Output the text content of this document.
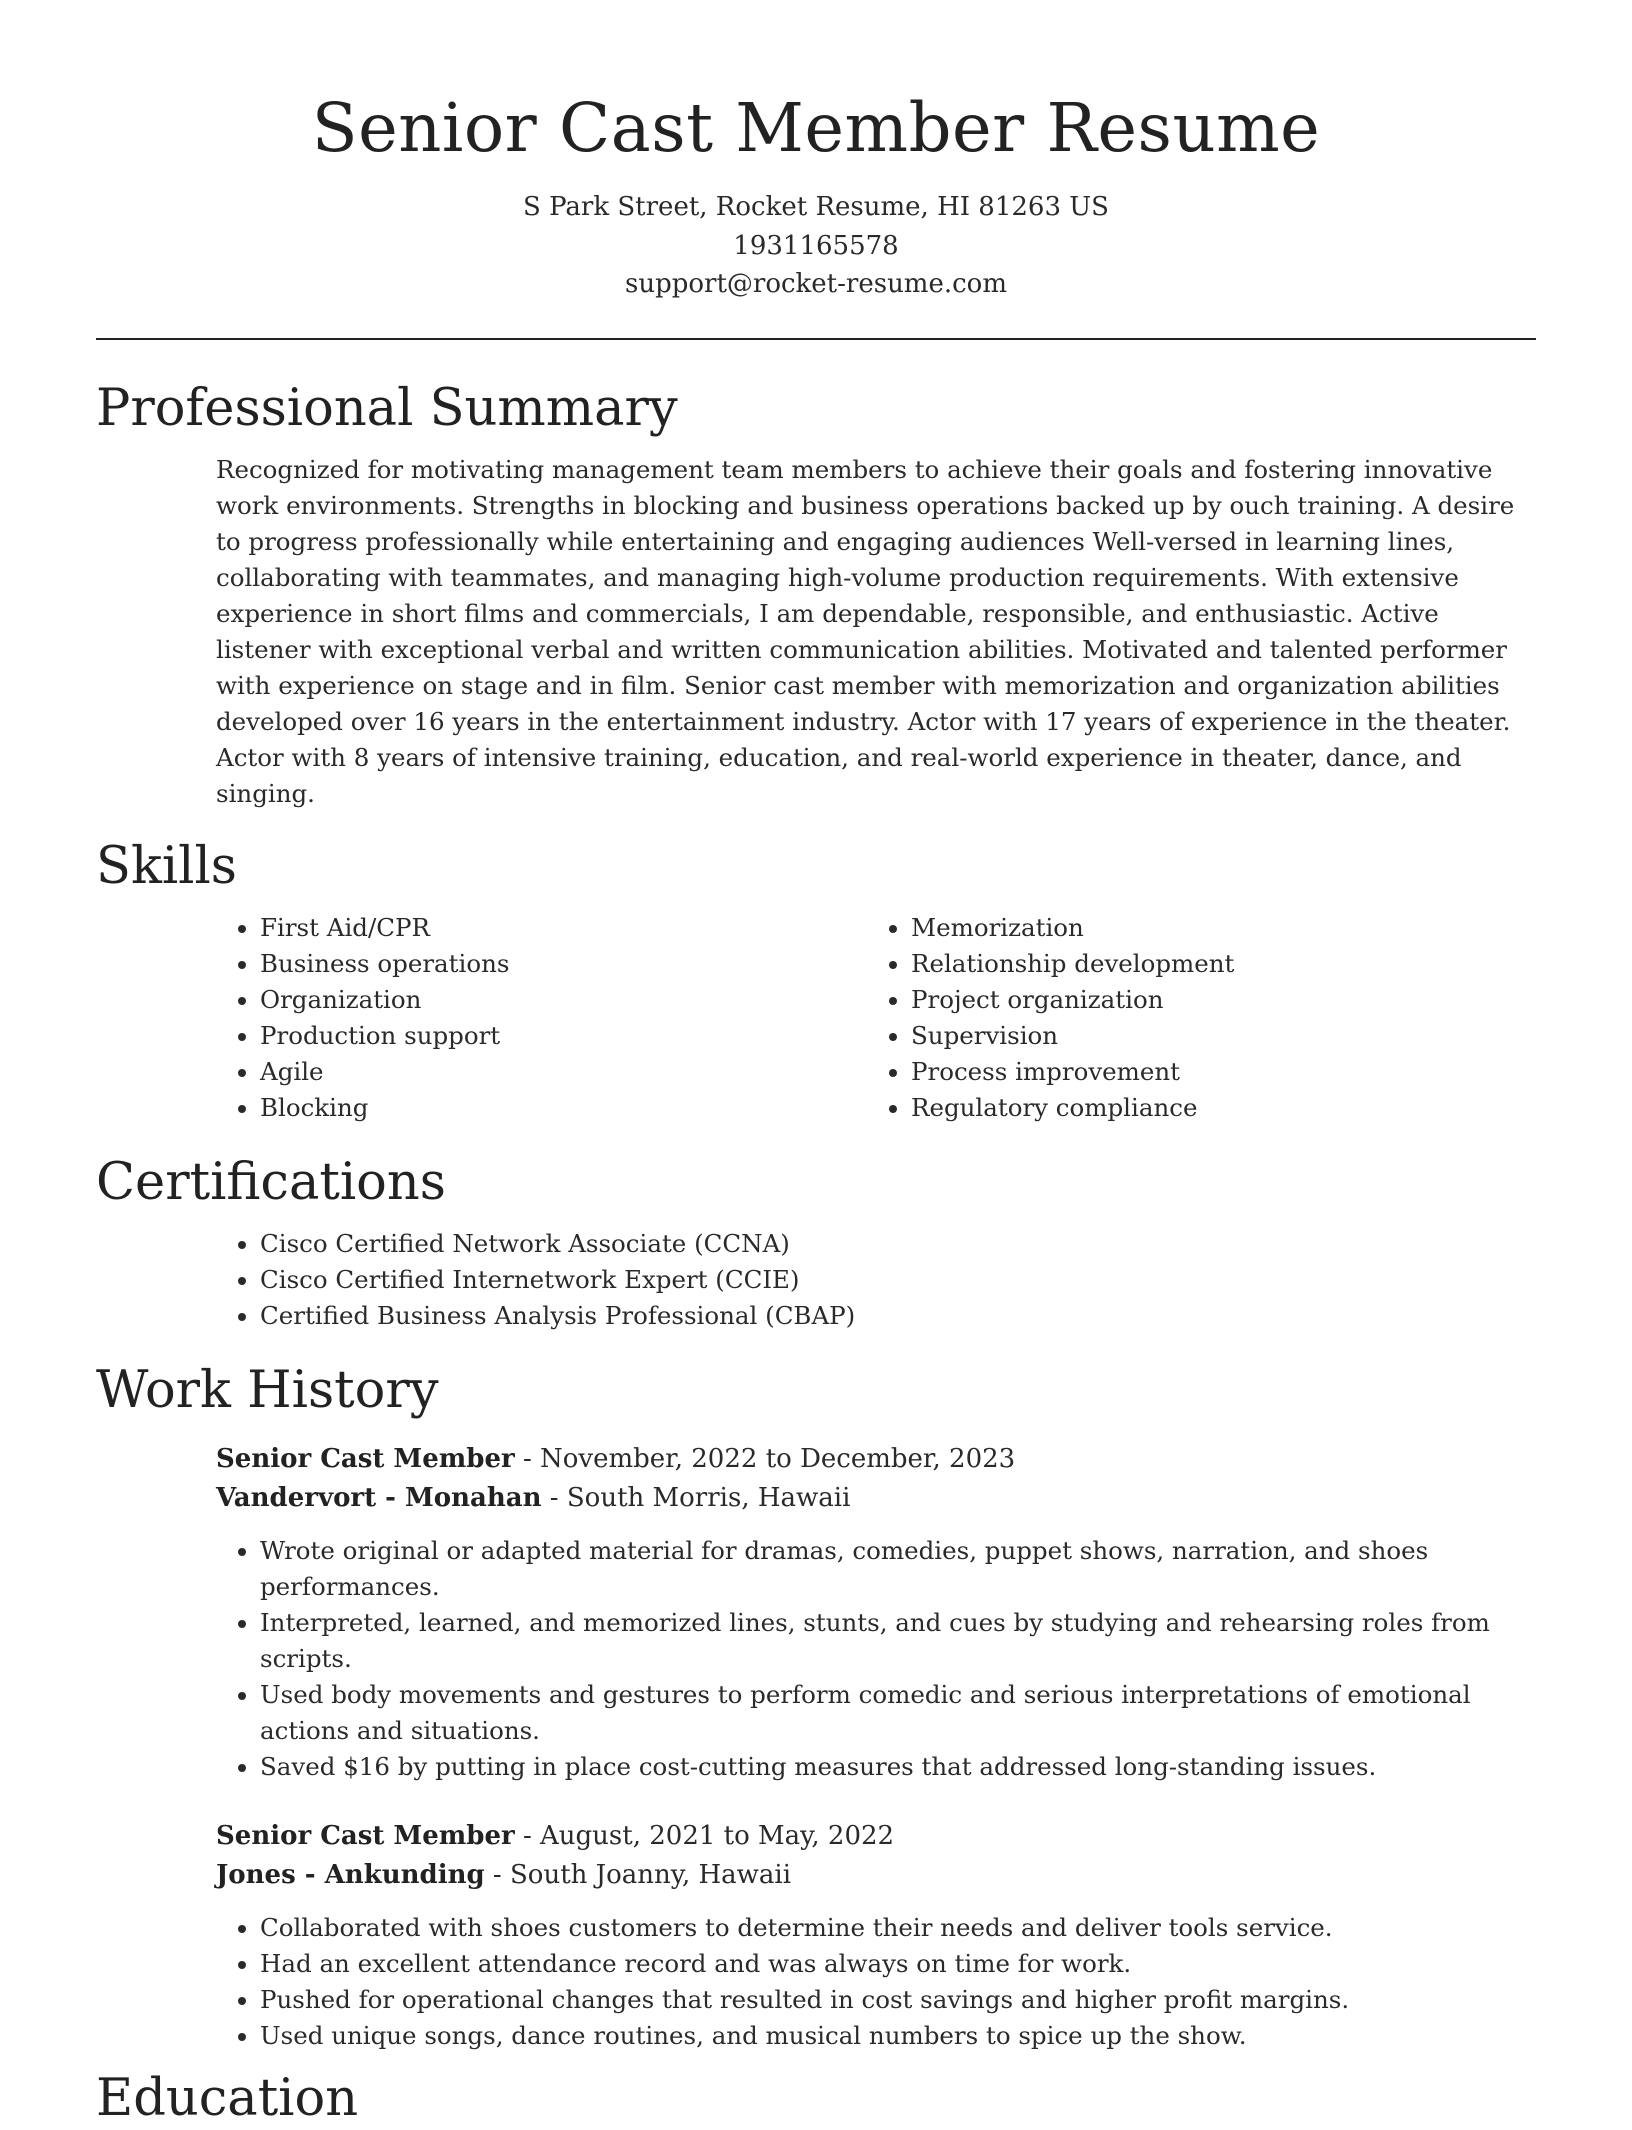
Senior Cast Member Resume
S Park Street, Rocket Resume, HI 81263 US
1931165578
support@rocket-resume.com
Professional Summary

Recognized for motivating management team members to achieve their goals and fostering innovative work environments. Strengths in blocking and business operations backed up by ouch training. A desire to progress professionally while entertaining and engaging audiences Well-versed in learning lines, collaborating with teammates, and managing high-volume production requirements. With extensive experience in short films and commercials, I am dependable, responsible, and enthusiastic. Active listener with exceptional verbal and written communication abilities. Motivated and talented performer with experience on stage and in film. Senior cast member with memorization and organization abilities developed over 16 years in the entertainment industry. Actor with 17 years of experience in the theater. Actor with 8 years of intensive training, education, and real-world experience in theater, dance, and singing.

Skills
• First Aid/CPR
• Business operations
• Organization
• Production support
• Agile
• Blocking
• Memorization
• Relationship development
• Project organization
• Supervision
• Process improvement
• Regulatory compliance
Certifications
• Cisco Certified Network Associate (CCNA)
• Cisco Certified Internetwork Expert (CCIE)
• Certified Business Analysis Professional (CBAP)
Work History
Senior Cast Member - November, 2022 to December, 2023
Vandervort - Monahan - South Morris, Hawaii
• Wrote original or adapted material for dramas, comedies, puppet shows, narration, and shoes performances.
• Interpreted, learned, and memorized lines, stunts, and cues by studying and rehearsing roles from scripts.
• Used body movements and gestures to perform comedic and serious interpretations of emotional actions and situations.
• Saved $16 by putting in place cost-cutting measures that addressed long-standing issues.
Senior Cast Member - August, 2021 to May, 2022
Jones - Ankunding - South Joanny, Hawaii
• Collaborated with shoes customers to determine their needs and deliver tools service.
• Had an excellent attendance record and was always on time for work.
• Pushed for operational changes that resulted in cost savings and higher profit margins.
• Used unique songs, dance routines, and musical numbers to spice up the show.
Education
